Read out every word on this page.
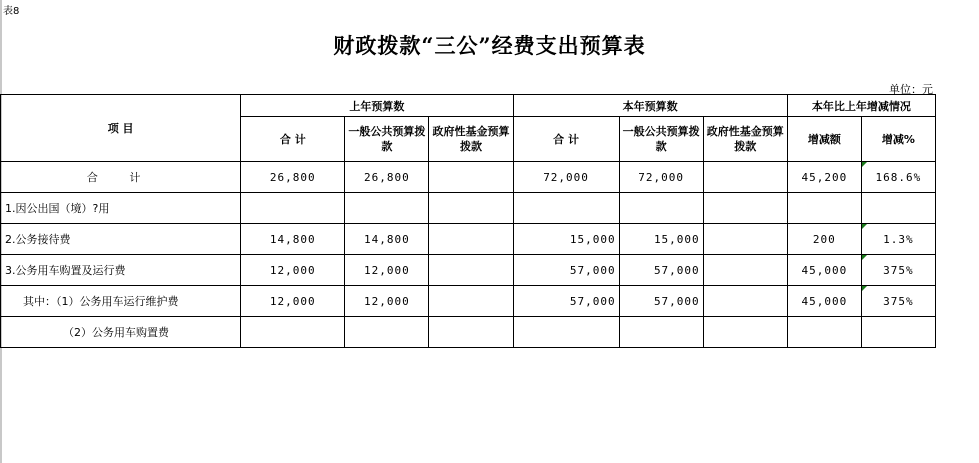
表8
财政拨款“三公”经费支出预算表
单位：元
项 目	上年预算数			本年预算数			本年比上年增减情况	
	合 计	一般公共预算拨款	政府性基金预算拨款	合 计	一般公共预算拨款	政府性基金预算拨款	增减额	增减%
合 计	26,800	26,800		72,000	72,000		45,200	168.6%
1.因公出国（境）?用								
2.公务接待费	14,800	14,800		15,000	15,000		200	1.3%
3.公务用车购置及运行费	12,000	12,000		57,000	57,000		45,000	375%
其中：（1）公务用车运行维护费	12,000	12,000		57,000	57,000		45,000	375%
（2）公务用车购置费								
